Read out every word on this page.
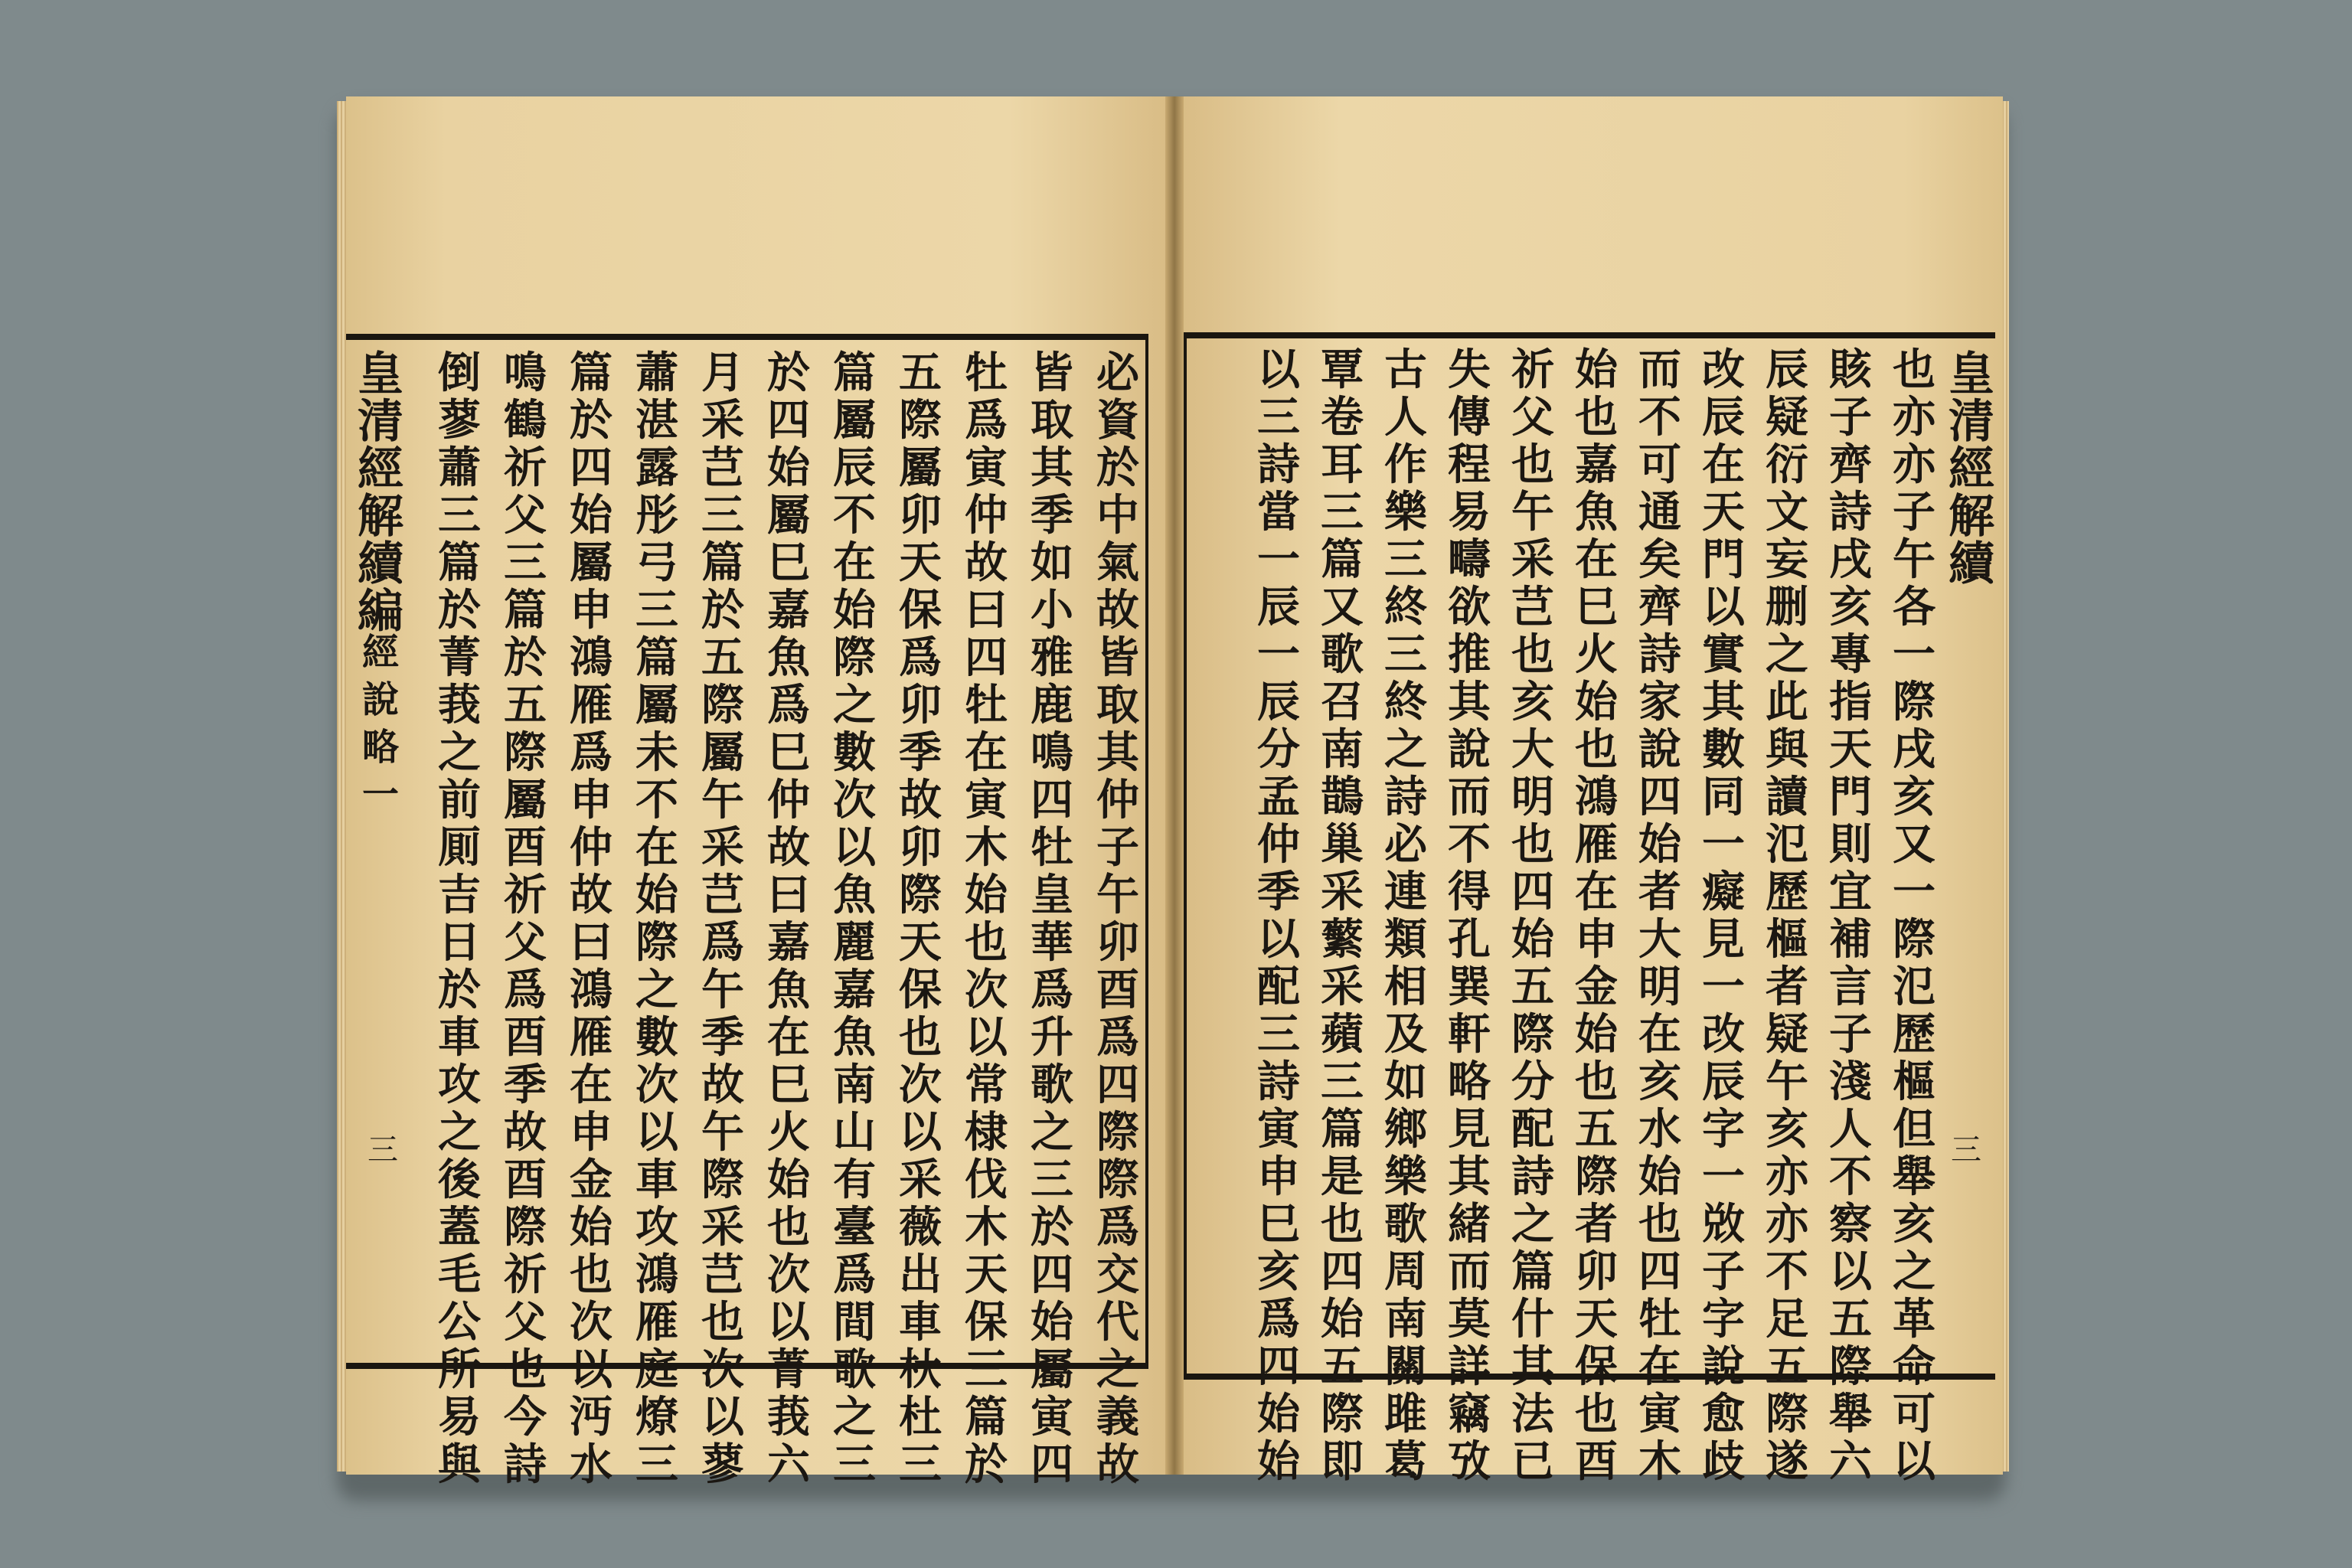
皇
清
經
解
續
編
經
說
略
一
三
皇
清
經
解
續
三
必
資
於
中
氣
故
皆
取
其
仲
子
午
卯
酉
爲
四
際
際
爲
交
代
之
義
故
皆
取
其
季
如
小
雅
鹿
鳴
四
牡
皇
華
爲
升
歌
之
三
於
四
始
屬
寅
四
牡
爲
寅
仲
故
曰
四
牡
在
寅
木
始
也
次
以
常
棣
伐
木
天
保
三
篇
於
五
際
屬
卯
天
保
爲
卯
季
故
卯
際
天
保
也
次
以
采
薇
出
車
杕
杜
三
篇
屬
辰
不
在
始
際
之
數
次
以
魚
麗
嘉
魚
南
山
有
臺
爲
間
歌
之
三
於
四
始
屬
巳
嘉
魚
爲
巳
仲
故
曰
嘉
魚
在
巳
火
始
也
次
以
菁
莪
六
月
采
芑
三
篇
於
五
際
屬
午
采
芑
爲
午
季
故
午
際
采
芑
也
次
以
蓼
蕭
湛
露
彤
弓
三
篇
屬
未
不
在
始
際
之
數
次
以
車
攻
鴻
雁
庭
燎
三
篇
於
四
始
屬
申
鴻
雁
爲
申
仲
故
曰
鴻
雁
在
申
金
始
也
次
以
沔
水
鳴
鶴
祈
父
三
篇
於
五
際
屬
酉
祈
父
爲
酉
季
故
酉
際
祈
父
也
今
詩
倒
蓼
蕭
三
篇
於
菁
莪
之
前
厠
吉
日
於
車
攻
之
後
蓋
毛
公
所
易
與
也
亦
亦
子
午
各
一
際
戌
亥
又
一
際
氾
歷
樞
但
舉
亥
之
革
命
可
以
賅
子
齊
詩
戌
亥
專
指
天
門
則
宜
補
言
子
淺
人
不
察
以
五
際
舉
六
辰
疑
衍
文
妄
删
之
此
與
讀
氾
歷
樞
者
疑
午
亥
亦
亦
不
足
五
際
遂
改
辰
在
天
門
以
實
其
數
同
一
癡
見
一
改
辰
字
一
敚
子
字
說
愈
歧
而
不
可
通
矣
齊
詩
家
說
四
始
者
大
明
在
亥
水
始
也
四
牡
在
寅
木
始
也
嘉
魚
在
巳
火
始
也
鴻
雁
在
申
金
始
也
五
際
者
卯
天
保
也
酉
祈
父
也
午
采
芑
也
亥
大
明
也
四
始
五
際
分
配
詩
之
篇
什
其
法
已
失
傳
程
易
疇
欲
推
其
說
而
不
得
孔
巽
軒
略
見
其
緒
而
莫
詳
竊
攷
古
人
作
樂
三
終
三
終
之
詩
必
連
類
相
及
如
鄉
樂
歌
周
南
關
雎
葛
覃
卷
耳
三
篇
又
歌
召
南
鵲
巢
采
蘩
采
蘋
三
篇
是
也
四
始
五
際
即
以
三
詩
當
一
辰
一
辰
分
孟
仲
季
以
配
三
詩
寅
申
巳
亥
爲
四
始
始
